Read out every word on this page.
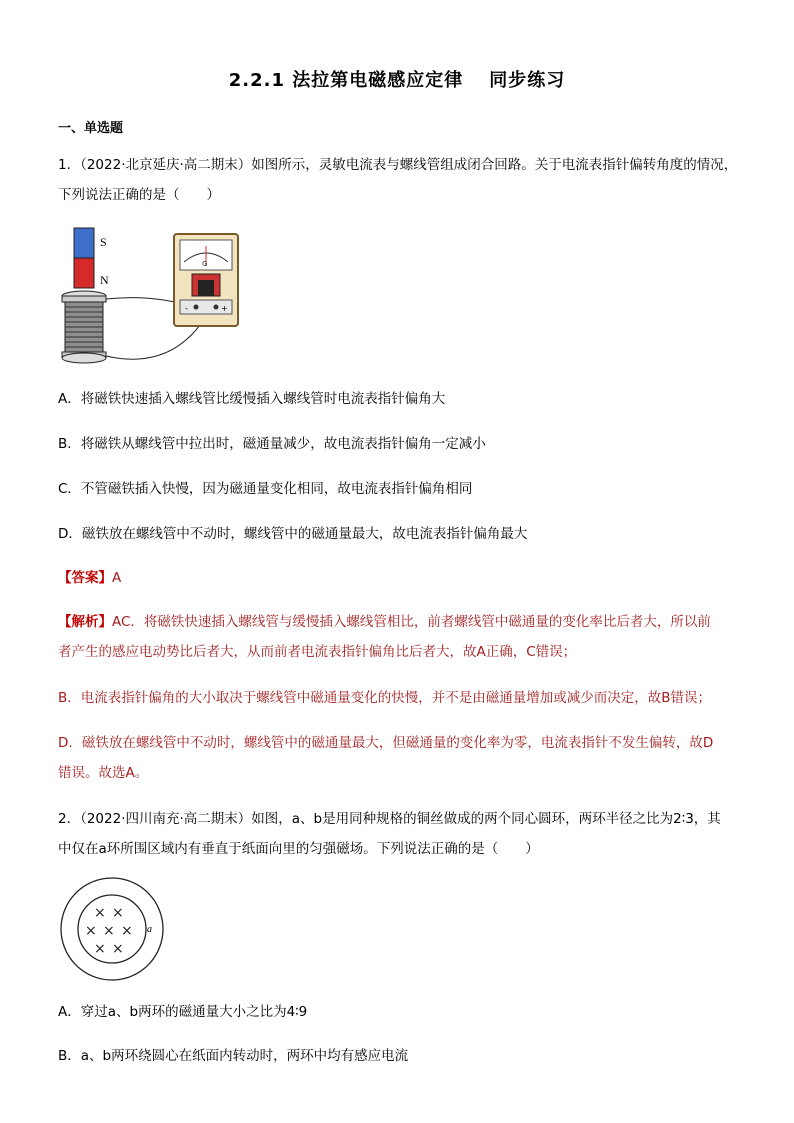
2.2.1 法拉第电磁感应定律 同步练习
一、单选题
1．（2022·北京延庆·高二期末）如图所示，灵敏电流表与螺线管组成闭合回路。关于电流表指针偏转角度的情况，
下列说法正确的是（　　）
S
N
G
-	+
A．将磁铁快速插入螺线管比缓慢插入螺线管时电流表指针偏角大
B．将磁铁从螺线管中拉出时，磁通量减少，故电流表指针偏角一定减小
C．不管磁铁插入快慢，因为磁通量变化相同，故电流表指针偏角相同
D．磁铁放在螺线管中不动时，螺线管中的磁通量最大，故电流表指针偏角最大
【答案】A
【解析】AC．将磁铁快速插入螺线管与缓慢插入螺线管相比，前者螺线管中磁通量的变化率比后者大，所以前
者产生的感应电动势比后者大，从而前者电流表指针偏角比后者大，故A正确，C错误；
B．电流表指针偏角的大小取决于螺线管中磁通量变化的快慢，并不是由磁通量增加或减少而决定，故B错误；
D．磁铁放在螺线管中不动时，螺线管中的磁通量最大，但磁通量的变化率为零，电流表指针不发生偏转，故D
错误。故选A。
2．（2022·四川南充·高二期末）如图，a、b是用同种规格的铜丝做成的两个同心圆环，两环半径之比为2∶3，其
中仅在a环所围区域内有垂直于纸面向里的匀强磁场。下列说法正确的是（　　）
× ×
× × ×
× ×
a
A．穿过a、b两环的磁通量大小之比为4∶9
B．a、b两环绕圆心在纸面内转动时，两环中均有感应电流
